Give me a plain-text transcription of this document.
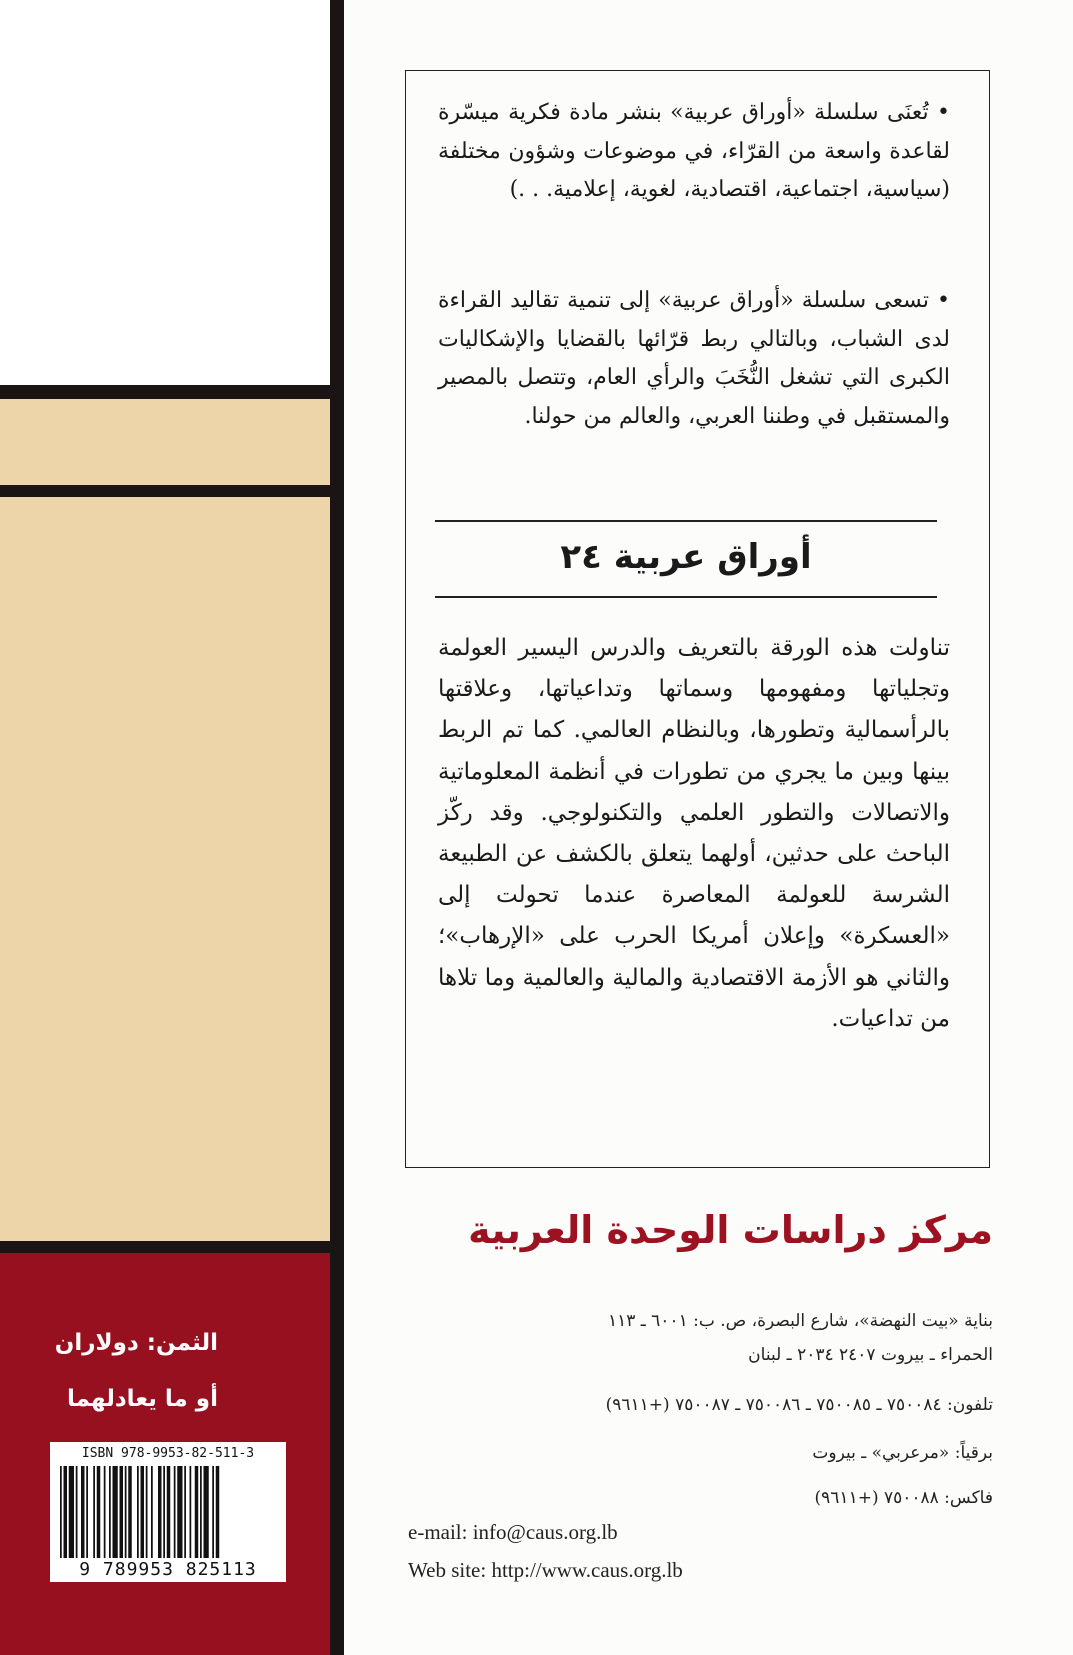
الثمن: دولاران
أو ما يعادلهما
ISBN 978-9953-82-511-3
9 789953 825113
• تُعنَى سلسلة «أوراق عربية» بنشر مادة فكرية ميسّرة لقاعدة واسعة من القرّاء، في موضوعات وشؤون مختلفة (سياسية، اجتماعية، اقتصادية، لغوية، إعلامية. . .)
• تسعى سلسلة «أوراق عربية» إلى تنمية تقاليد القراءة لدى الشباب، وبالتالي ربط قرّائها بالقضايا والإشكاليات الكبرى التي تشغل النُّخَبَ والرأي العام، وتتصل بالمصير والمستقبل في وطننا العربي، والعالم من حولنا.
أوراق عربية ٢٤
تناولت هذه الورقة بالتعريف والدرس اليسير العولمة وتجلياتها ومفهومها وسماتها وتداعياتها، وعلاقتها بالرأسمالية وتطورها، وبالنظام العالمي. كما تم الربط بينها وبين ما يجري من تطورات في أنظمة المعلوماتية والاتصالات والتطور العلمي والتكنولوجي. وقد ركّز الباحث على حدثين، أولهما يتعلق بالكشف عن الطبيعة الشرسة للعولمة المعاصرة عندما تحولت إلى «العسكرة» وإعلان أمريكا الحرب على «الإرهاب»؛ والثاني هو الأزمة الاقتصادية والمالية والعالمية وما تلاها من تداعيات.
مركز دراسات الوحدة العربية
بناية «بيت النهضة»، شارع البصرة، ص. ب: ٦٠٠١ ـ ١١٣
الحمراء ـ بيروت ٢٤٠٧ ٢٠٣٤ ـ لبنان
تلفون: ٧٥٠٠٨٤ ـ ٧٥٠٠٨٥ ـ ٧٥٠٠٨٦ ـ ٧٥٠٠٨٧ (+٩٦١١)
برقياً: «مرعربي» ـ بيروت
فاكس: ٧٥٠٠٨٨ (+٩٦١١)
e-mail: info@caus.org.lb
Web site: http://www.caus.org.lb
